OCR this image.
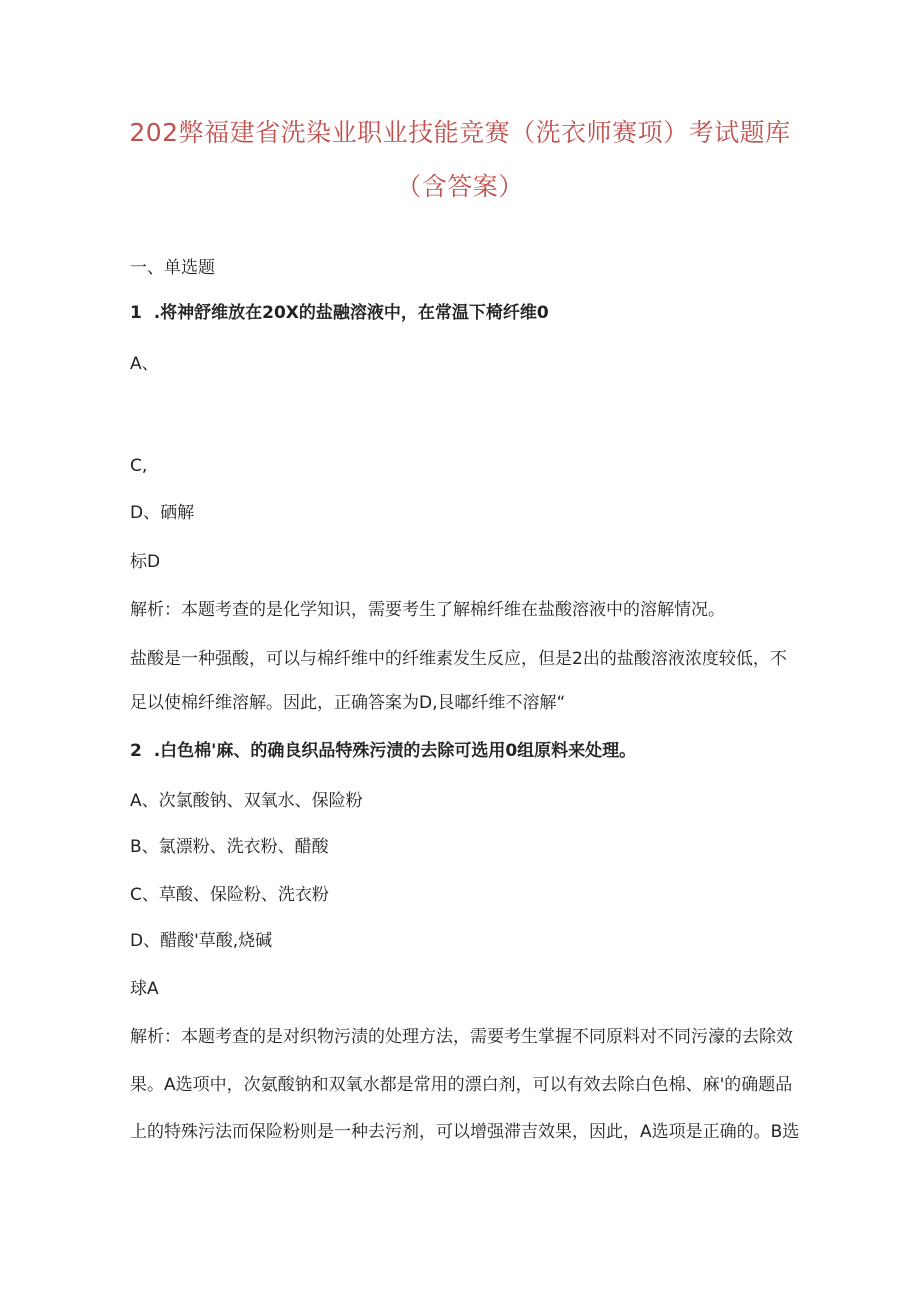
202弊福建省洗染业职业技能竞赛（洗衣师赛项）考试题库
（含答案）
一、单选题
1 .将神舒维放在20X的盐融溶液中，在常温下椅纤维0
A、
C,
D、硒解
标D
解析：本题考查的是化学知识，需要考生了解棉纤维在盐酸溶液中的溶解情况。
盐酸是一种强酸，可以与棉纤维中的纤维素发生反应，但是2出的盐酸溶液浓度较低，不
足以使棉纤维溶解。因此，正确答案为D,艮嘟纤维不溶解“
2 .白色棉'麻、的确良织品特殊污渍的去除可选用0组原料来处理。
A、次氯酸钠、双氧水、保险粉
B、氯漂粉、洗衣粉、醋酸
C、草酸、保险粉、洗衣粉
D、醋酸'草酸,烧碱
球A
解析：本题考查的是对织物污渍的处理方法，需要考生掌握不同原料对不同污濠的去除效
果。A选项中，次氨酸钠和双氧水都是常用的漂白剂，可以有效去除白色棉、麻'的确题品
上的特殊污法而保险粉则是一种去污剂，可以增强滞吉效果，因此，A选项是正确的。B选
